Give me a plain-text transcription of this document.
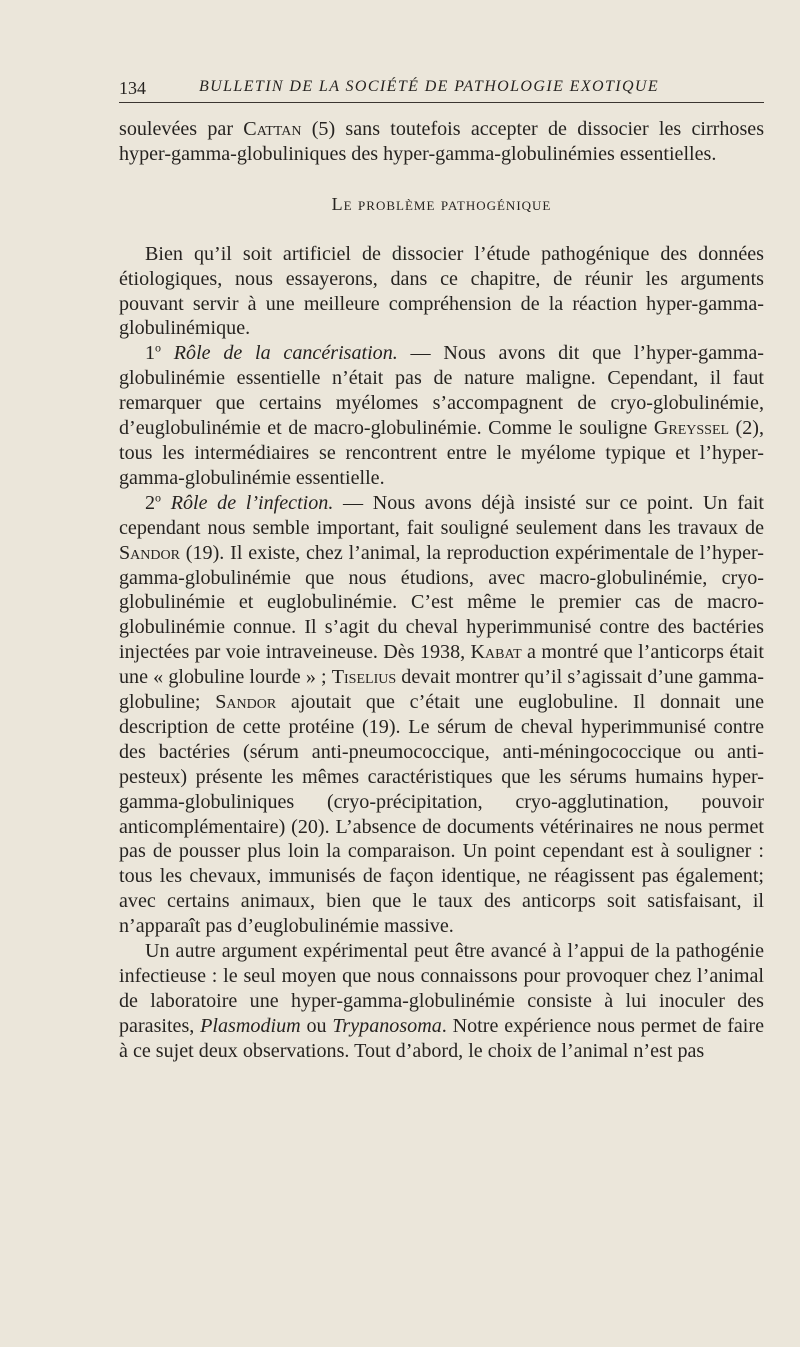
134	BULLETIN DE LA SOCIÉTÉ DE PATHOLOGIE EXOTIQUE

soulevées par Cattan (5) sans toutefois accepter de dissocier les cirrhoses hyper-gamma-globuliniques des hyper-gamma-globulinémies essentielles.

Le problème pathogénique

Bien qu’il soit artificiel de dissocier l’étude pathogénique des données étiologiques, nous essayerons, dans ce chapitre, de réunir les arguments pouvant servir à une meilleure compréhension de la réaction hyper-gamma-globulinémique.

1$^o$ Rôle de la cancérisation. — Nous avons dit que l’hyper-gamma-globulinémie essentielle n’était pas de nature maligne. Cependant, il faut remarquer que certains myélomes s’accompagnent de cryo-globulinémie, d’euglobulinémie et de macro-globulinémie. Comme le souligne Greyssel (2), tous les intermédiaires se rencontrent entre le myélome typique et l’hyper-gamma-globulinémie essentielle.

2$^o$ Rôle de l’infection. — Nous avons déjà insisté sur ce point. Un fait cependant nous semble important, fait souligné seulement dans les travaux de Sandor (19). Il existe, chez l’animal, la reproduction expérimentale de l’hyper-gamma-globulinémie que nous étudions, avec macro-globulinémie, cryo-globulinémie et euglobulinémie. C’est même le premier cas de macro-globulinémie connue. Il s’agit du cheval hyperimmunisé contre des bactéries injectées par voie intraveineuse. Dès 1938, Kabat a montré que l’anticorps était une « globuline lourde » ; Tiselius devait montrer qu’il s’agissait d’une gamma-globuline; Sandor ajoutait que c’était une euglobuline. Il donnait une description de cette protéine (19). Le sérum de cheval hyperimmunisé contre des bactéries (sérum anti-pneumococcique, anti-méningococcique ou anti-pesteux) présente les mêmes caractéristiques que les sérums humains hyper-gamma-globuliniques (cryo-précipitation, cryo-agglutination, pouvoir anticomplémentaire) (20). L’absence de documents vétérinaires ne nous permet pas de pousser plus loin la comparaison. Un point cependant est à souligner : tous les chevaux, immunisés de façon identique, ne réagissent pas également; avec certains animaux, bien que le taux des anticorps soit satisfaisant, il n’apparaît pas d’euglobulinémie massive.

Un autre argument expérimental peut être avancé à l’appui de la pathogénie infectieuse : le seul moyen que nous connaissons pour provoquer chez l’animal de laboratoire une hyper-gamma-globulinémie consiste à lui inoculer des parasites, Plasmodium ou Trypanosoma. Notre expérience nous permet de faire à ce sujet deux observations. Tout d’abord, le choix de l’animal n’est pas
